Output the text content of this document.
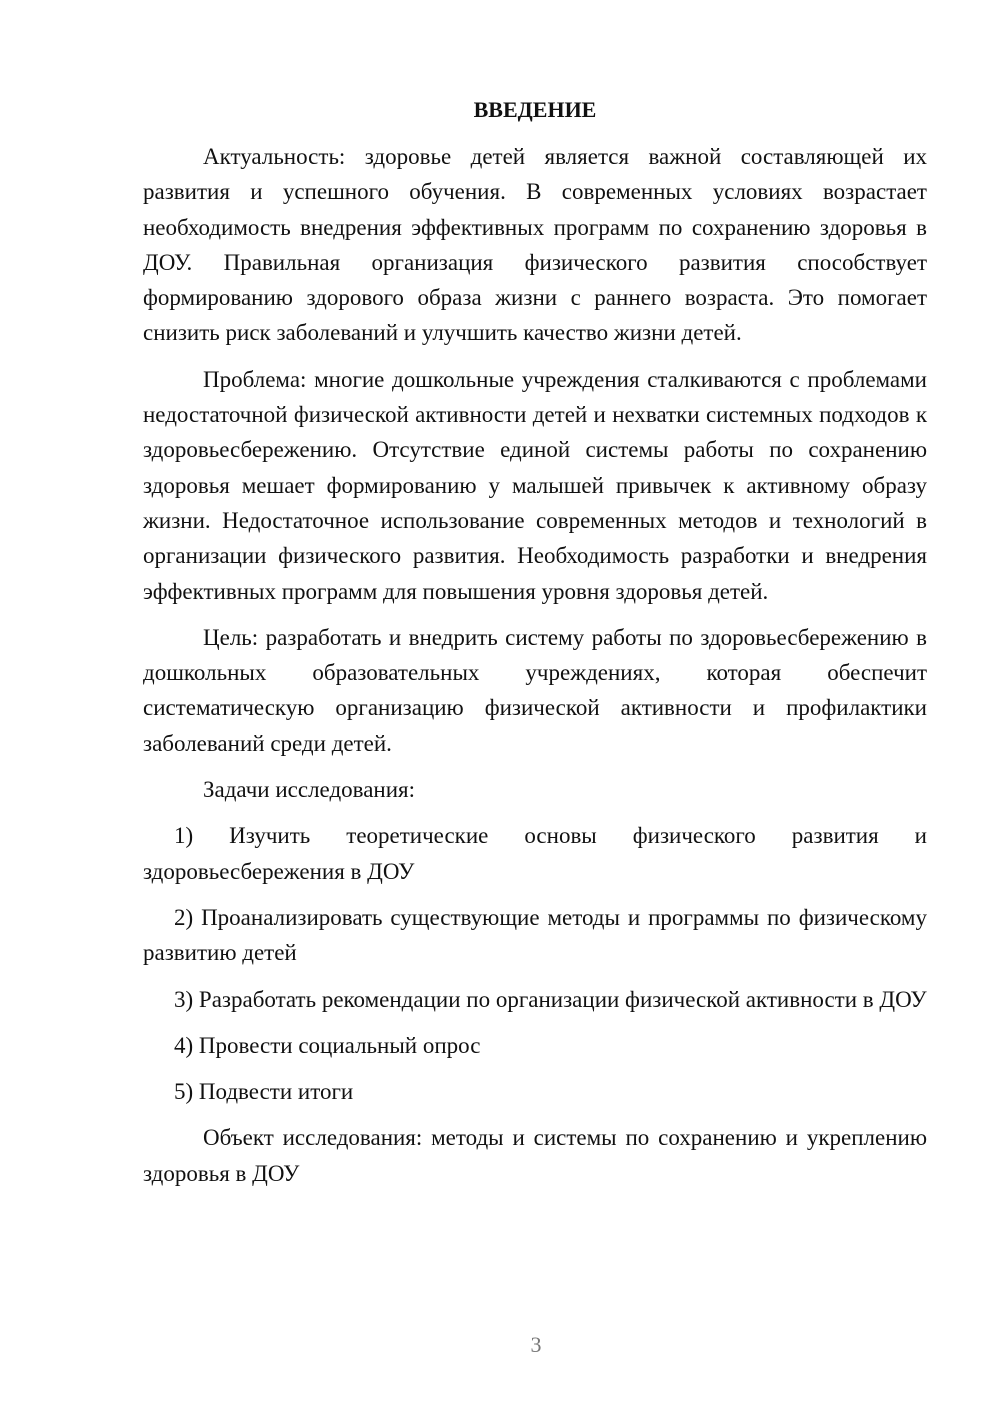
ВВЕДЕНИЕ

Актуальность: здоровье детей является важной составляющей их развития и успешного обучения. В современных условиях возрастает необходимость внедрения эффективных программ по сохранению здоровья в ДОУ. Правильная организация физического развития способствует формированию здорового образа жизни с раннего возраста. Это помогает снизить риск заболеваний и улучшить качество жизни детей.

Проблема: многие дошкольные учреждения сталкиваются с проблемами недостаточной физической активности детей и нехватки системных подходов к здоровьесбережению. Отсутствие единой системы работы по сохранению здоровья мешает формированию у малышей привычек к активному образу жизни. Недостаточное использование современных методов и технологий в организации физического развития. Необходимость разработки и внедрения эффективных программ для повышения уровня здоровья детей.

Цель: разработать и внедрить систему работы по здоровьесбережению в дошкольных образовательных учреждениях, которая обеспечит систематическую организацию физической активности и профилактики заболеваний среди детей.

Задачи исследования:

1) Изучить теоретические основы физического развития и здоровьесбережения в ДОУ

2) Проанализировать существующие методы и программы по физическому развитию детей

3) Разработать рекомендации по организации физической активности в ДОУ

4) Провести социальный опрос

5) Подвести итоги

Объект исследования: методы и системы по сохранению и укреплению здоровья в ДОУ

3
